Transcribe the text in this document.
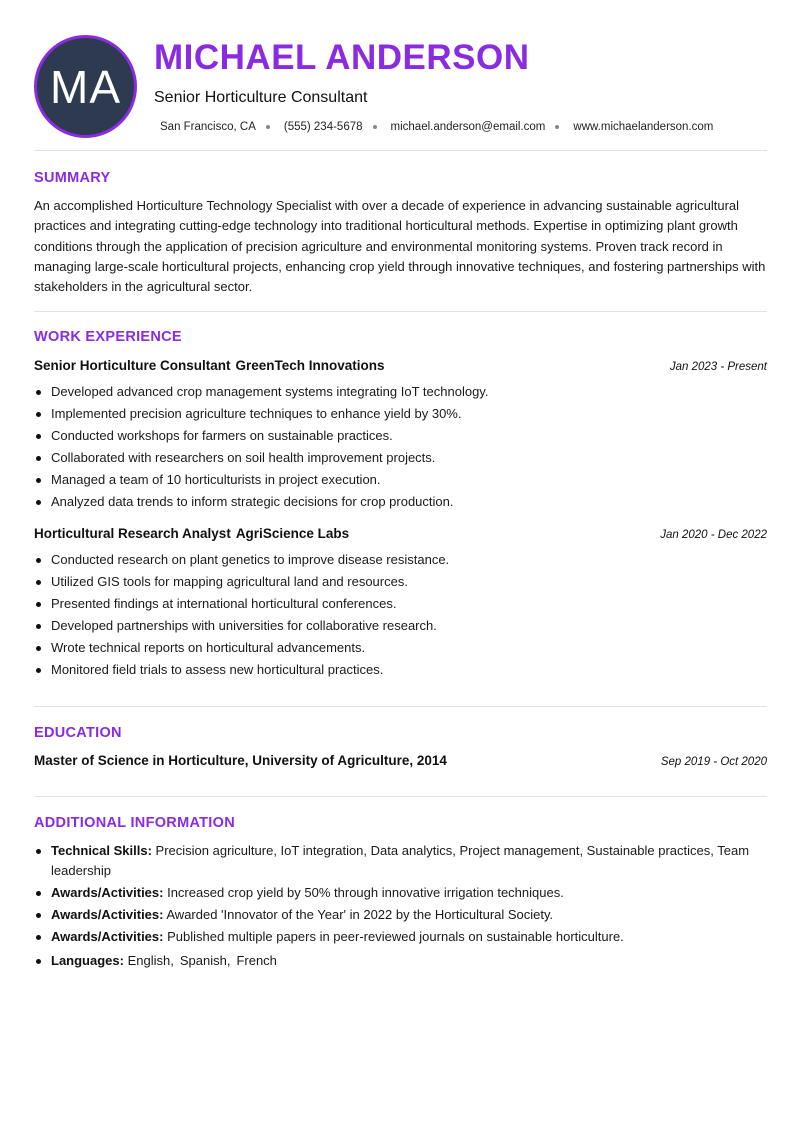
MA
MICHAEL ANDERSON
Senior Horticulture Consultant
San Francisco, CA (555) 234-5678 michael.anderson@email.com www.michaelanderson.com
SUMMARY
An accomplished Horticulture Technology Specialist with over a decade of experience in advancing sustainable agricultural practices and integrating cutting-edge technology into traditional horticultural methods. Expertise in optimizing plant growth conditions through the application of precision agriculture and environmental monitoring systems. Proven track record in managing large-scale horticultural projects, enhancing crop yield through innovative techniques, and fostering partnerships with stakeholders in the agricultural sector.
WORK EXPERIENCE
Senior Horticulture Consultant GreenTech Innovations	Jan 2023 - Present
Developed advanced crop management systems integrating IoT technology.
Implemented precision agriculture techniques to enhance yield by 30%.
Conducted workshops for farmers on sustainable practices.
Collaborated with researchers on soil health improvement projects.
Managed a team of 10 horticulturists in project execution.
Analyzed data trends to inform strategic decisions for crop production.
Horticultural Research Analyst AgriScience Labs	Jan 2020 - Dec 2022
Conducted research on plant genetics to improve disease resistance.
Utilized GIS tools for mapping agricultural land and resources.
Presented findings at international horticultural conferences.
Developed partnerships with universities for collaborative research.
Wrote technical reports on horticultural advancements.
Monitored field trials to assess new horticultural practices.
EDUCATION
Master of Science in Horticulture, University of Agriculture, 2014	Sep 2019 - Oct 2020
ADDITIONAL INFORMATION
Technical Skills: Precision agriculture, IoT integration, Data analytics, Project management, Sustainable practices, Team leadership
Awards/Activities: Increased crop yield by 50% through innovative irrigation techniques.
Awards/Activities: Awarded 'Innovator of the Year' in 2022 by the Horticultural Society.
Awards/Activities: Published multiple papers in peer-reviewed journals on sustainable horticulture.
Languages: English, Spanish, French
